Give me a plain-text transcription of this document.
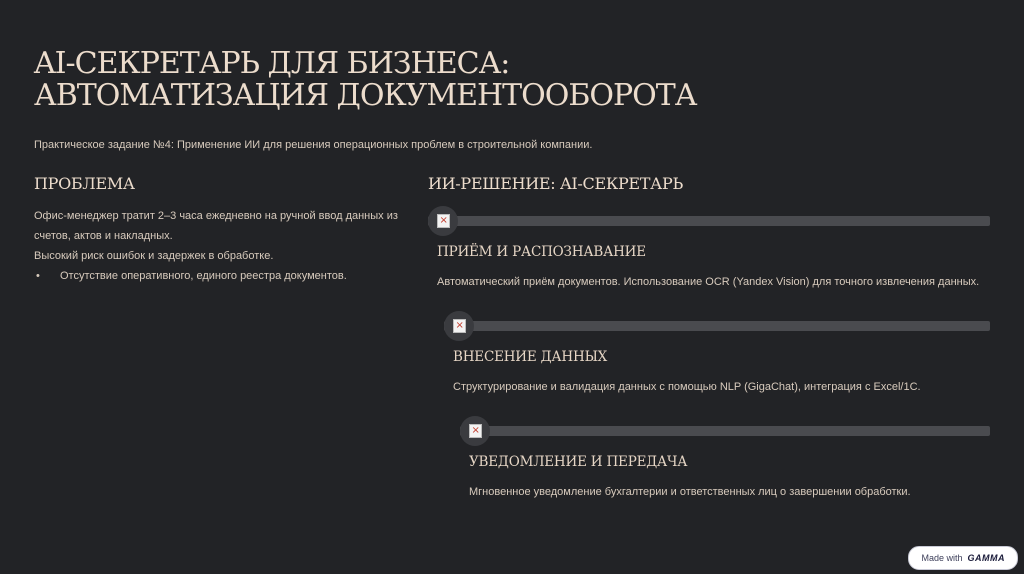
AI-СЕКРЕТАРЬ ДЛЯ БИЗНЕСА: АВТОМАТИЗАЦИЯ ДОКУМЕНТООБОРОТА
Практическое задание №4: Применение ИИ для решения операционных проблем в строительной компании.
ПРОБЛЕМА

Офис-менеджер тратит 2–3 часа ежедневно на ручной ввод данных из счетов, актов и накладных.

Высокий риск ошибок и задержек в обработке.

•	Отсутствие оперативного, единого реестра документов.
ИИ-РЕШЕНИЕ: AI-СЕКРЕТАРЬ
×
ПРИЁМ И РАСПОЗНАВАНИЕ
Автоматический приём документов. Использование OCR (Yandex Vision) для точного извлечения данных.
×
ВНЕСЕНИЕ ДАННЫХ
Структурирование и валидация данных с помощью NLP (GigaChat), интеграция с Excel/1С.
×
УВЕДОМЛЕНИЕ И ПЕРЕДАЧА
Мгновенное уведомление бухгалтерии и ответственных лиц о завершении обработки.
Made with GAMMA
